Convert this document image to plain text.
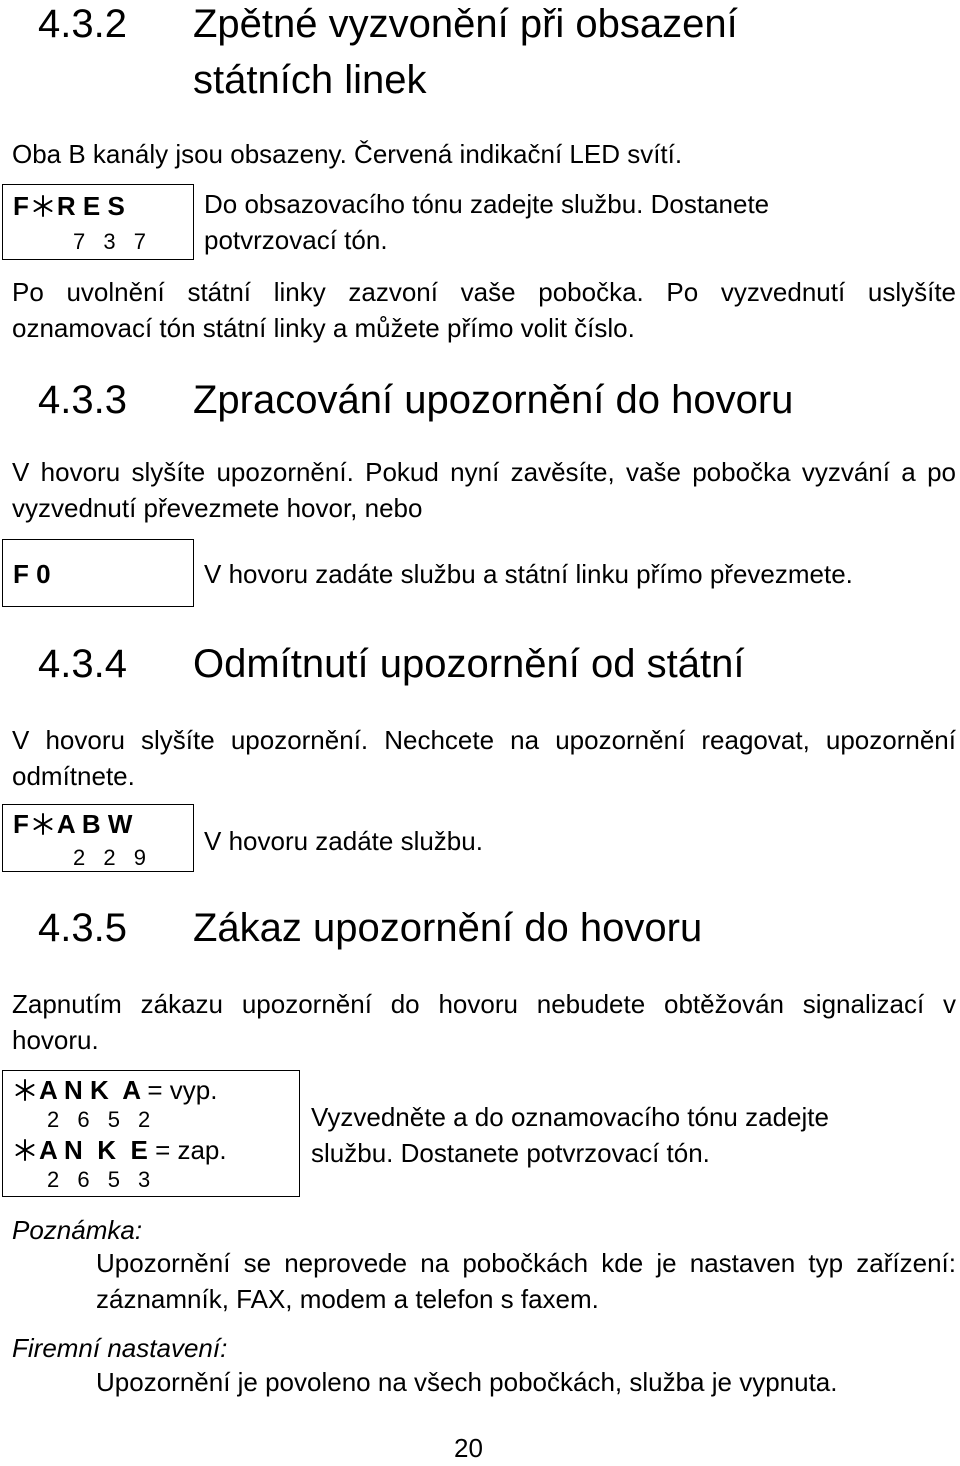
4.3.2 Zpětné vyzvonění při obsazení
státních linek
Oba B kanály jsou obsazeny. Červená indikační LED svítí.
F R E S
7 3 7
Do obsazovacího tónu zadejte službu. Dostanete potvrzovací tón.
Po uvolnění státní linky zazvoní vaše pobočka. Po vyzvednutí uslyšíte oznamovací tón státní linky a můžete přímo volit číslo.
4.3.3 Zpracování upozornění do hovoru
V hovoru slyšíte upozornění. Pokud nyní zavěsíte, vaše pobočka vyzvání a po vyzvednutí převezmete hovor, nebo
F 0	V hovoru zadáte službu a státní linku přímo převezmete.
4.3.4 Odmítnutí upozornění od státní
V hovoru slyšíte upozornění. Nechcete na upozornění reagovat, upozornění odmítnete.
F A B W
2 2 9
V hovoru zadáte službu.
4.3.5 Zákaz upozornění do hovoru
Zapnutím zákazu upozornění do hovoru nebudete obtěžován signalizací v hovoru.
A N K  A = vyp.
2 6 5 2
A N  K  E = zap.
2 6 5 3
Vyzvedněte a do oznamovacího tónu zadejte službu. Dostanete potvrzovací tón.
Poznámka:
Upozornění se neprovede na pobočkách kde je nastaven typ zařízení: záznamník, FAX, modem a telefon s faxem.
Firemní nastavení:
Upozornění je povoleno na všech pobočkách, služba je vypnuta.
20
